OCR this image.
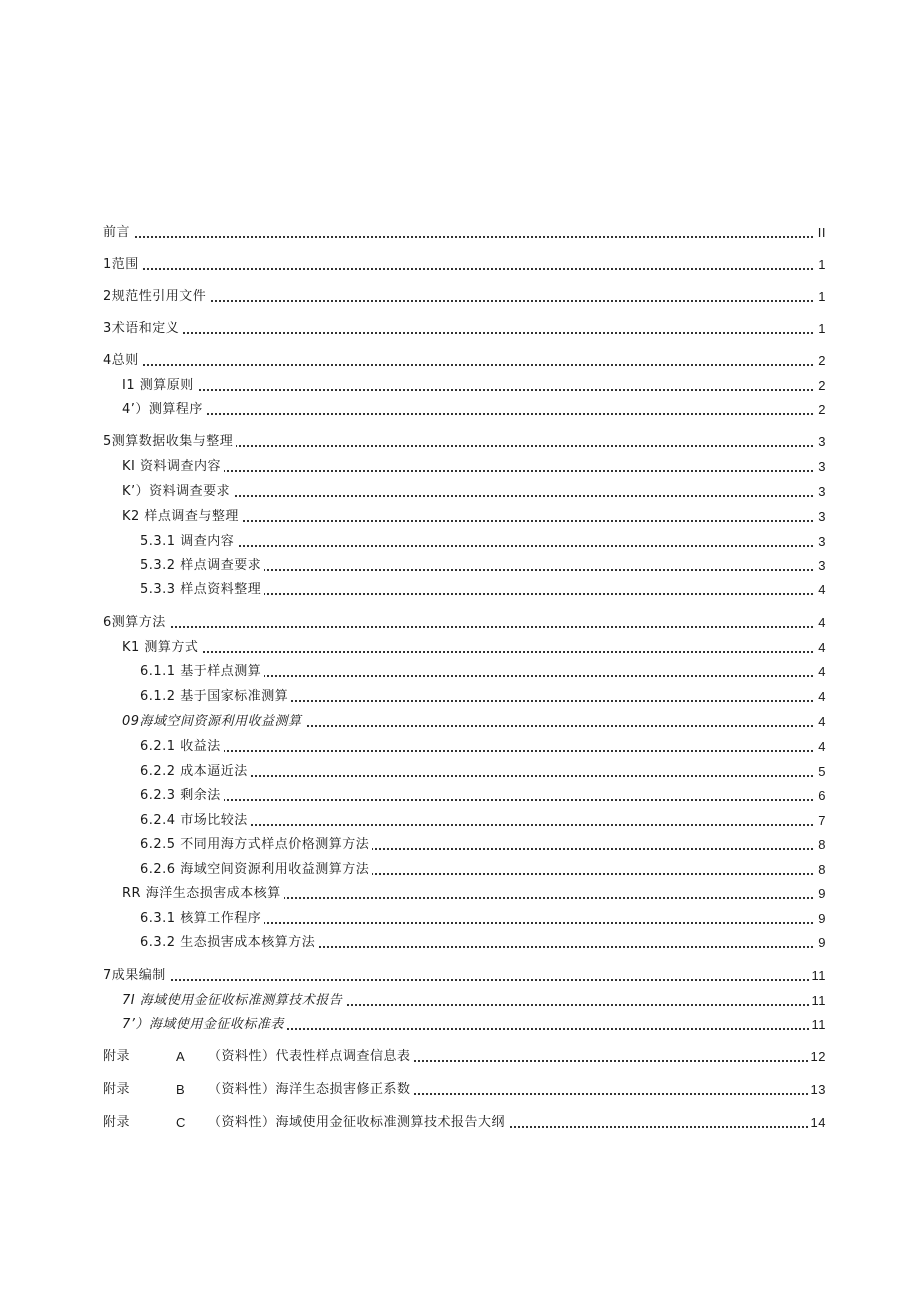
前言	II
1范围	1
2规范性引用文件	1
3术语和定义	1
4总则	2
I1 测算原则	2
4’）测算程序	2
5测算数据收集与整理	3
KI 资料调查内容	3
K’）资料调查要求	3
K2 样点调查与整理	3
5.3.1 调查内容	3
5.3.2 样点调查要求	3
5.3.3 样点资料整理	4
6测算方法	4
K1 测算方式	4
6.1.1 基于样点测算	4
6.1.2 基于国家标准测算	4
09海域空间资源利用收益测算	4
6.2.1 收益法	4
6.2.2 成本逼近法	5
6.2.3 剩余法	6
6.2.4 市场比较法	7
6.2.5 不同用海方式样点价格测算方法	8
6.2.6 海域空间资源利用收益测算方法	8
RR 海洋生态损害成本核算	9
6.3.1 核算工作程序	9
6.3.2 生态损害成本核算方法	9
7成果编制	11
7I 海域使用金征收标准测算技术报告	11
7’）海域使用金征收标准表	11
附录	A （资料性）代表性样点调查信息表	12
附录	B （资料性）海洋生态损害修正系数	13
附录	C （资料性）海域使用金征收标准测算技术报告大纲	14
